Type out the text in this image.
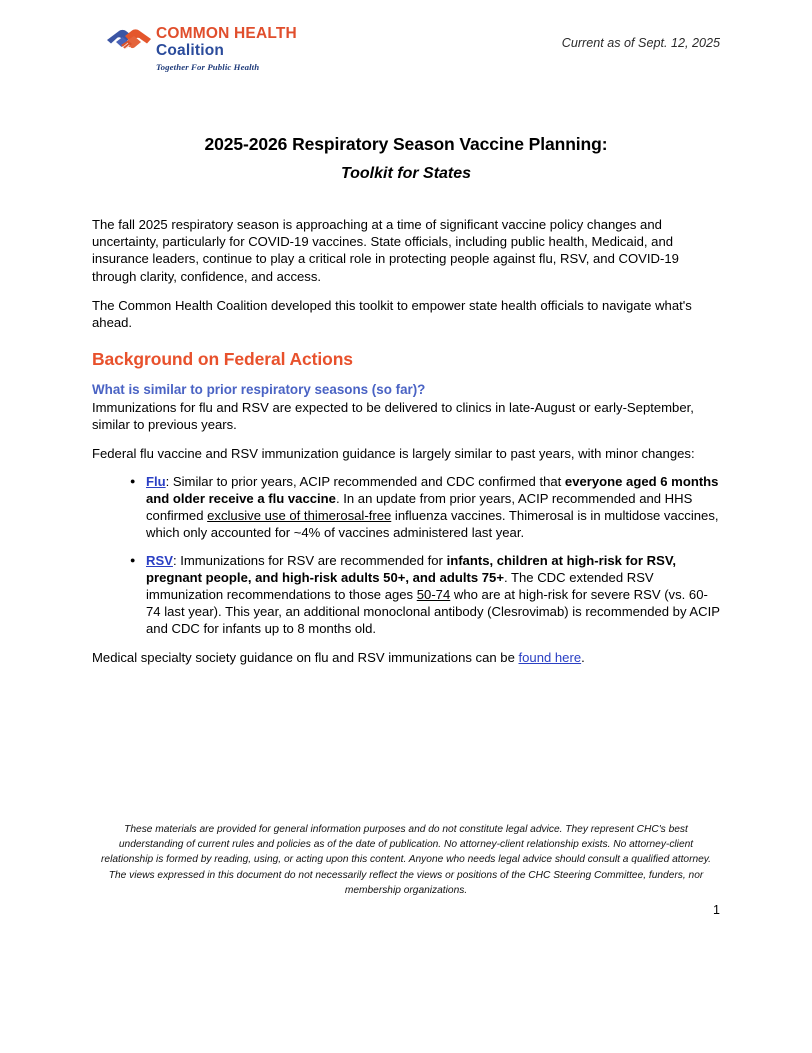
COMMON HEALTH
Coalition
Together For Public Health
Current as of Sept. 12, 2025
2025-2026 Respiratory Season Vaccine Planning:
Toolkit for States

The fall 2025 respiratory season is approaching at a time of significant vaccine policy changes and uncertainty, particularly for COVID-19 vaccines. State officials, including public health, Medicaid, and insurance leaders, continue to play a critical role in protecting people against flu, RSV, and COVID-19 through clarity, confidence, and access.

The Common Health Coalition developed this toolkit to empower state health officials to navigate what's ahead.

Background on Federal Actions
What is similar to prior respiratory seasons (so far)?

Immunizations for flu and RSV are expected to be delivered to clinics in late-August or early-September, similar to previous years.

Federal flu vaccine and RSV immunization guidance is largely similar to past years, with minor changes:

● Flu: Similar to prior years, ACIP recommended and CDC confirmed that everyone aged 6 months and older receive a flu vaccine. In an update from prior years, ACIP recommended and HHS confirmed exclusive use of thimerosal-free influenza vaccines. Thimerosal is in multidose vaccines, which only accounted for ~4% of vaccines administered last year.
● RSV: Immunizations for RSV are recommended for infants, children at high-risk for RSV, pregnant people, and high-risk adults 50+, and adults 75+. The CDC extended RSV immunization recommendations to those ages 50-74 who are at high-risk for severe RSV (vs. 60-74 last year). This year, an additional monoclonal antibody (Clesrovimab) is recommended by ACIP and CDC for infants up to 8 months old.

Medical specialty society guidance on flu and RSV immunizations can be found here.

These materials are provided for general information purposes and do not constitute legal advice. They represent CHC's best understanding of current rules and policies as of the date of publication. No attorney-client relationship exists. No attorney-client relationship is formed by reading, using, or acting upon this content. Anyone who needs legal advice should consult a qualified attorney. The views expressed in this document do not necessarily reflect the views or positions of the CHC Steering Committee, funders, nor membership organizations.
1
